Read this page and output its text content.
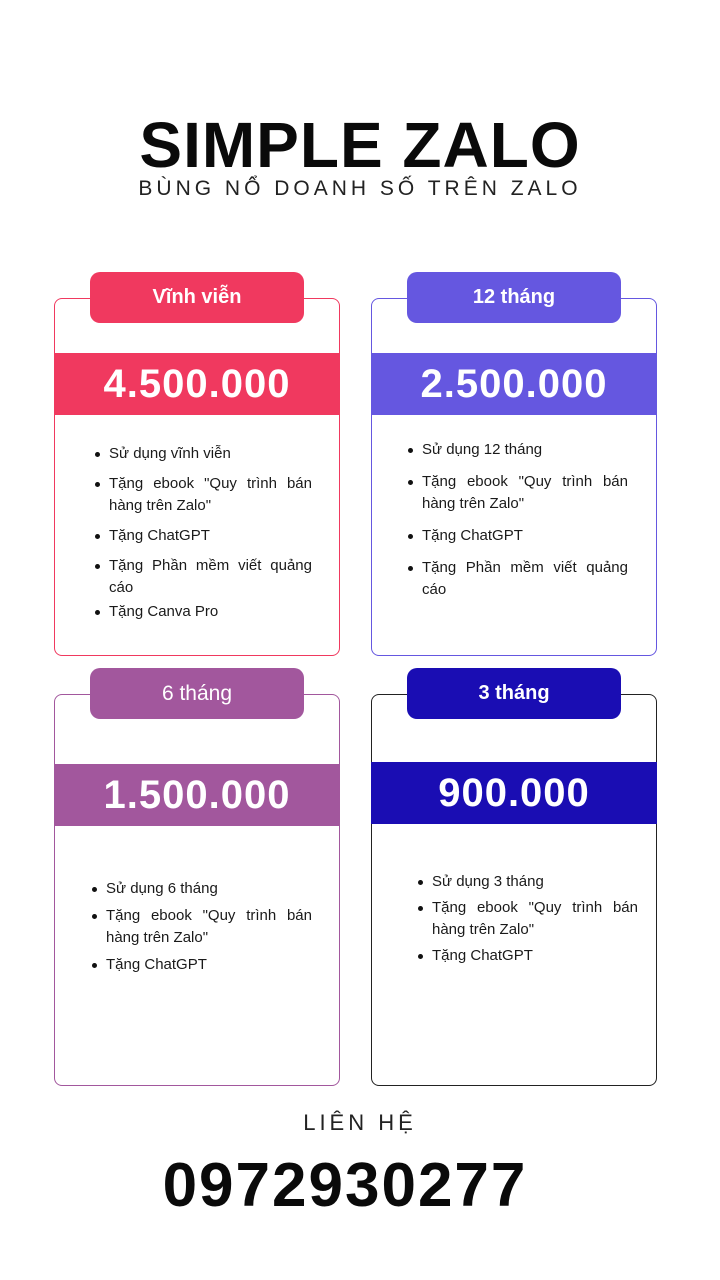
SIMPLE ZALO
BÙNG NỔ DOANH SỐ TRÊN ZALO
Vĩnh viễn
4.500.000
Sử dụng vĩnh viễn
Tặng ebook "Quy trình bán hàng trên Zalo"
Tặng ChatGPT
Tặng Phần mềm viết quảng cáo
Tặng Canva Pro
12 tháng
2.500.000
Sử dụng 12 tháng
Tặng ebook "Quy trình bán hàng trên Zalo"
Tặng ChatGPT
Tặng Phần mềm viết quảng cáo
6 tháng
1.500.000
Sử dụng 6 tháng
Tặng ebook "Quy trình bán hàng trên Zalo"
Tặng ChatGPT
3 tháng
900.000
Sử dụng 3 tháng
Tặng ebook "Quy trình bán hàng trên Zalo"
Tặng ChatGPT
LIÊN HỆ
0972930277
